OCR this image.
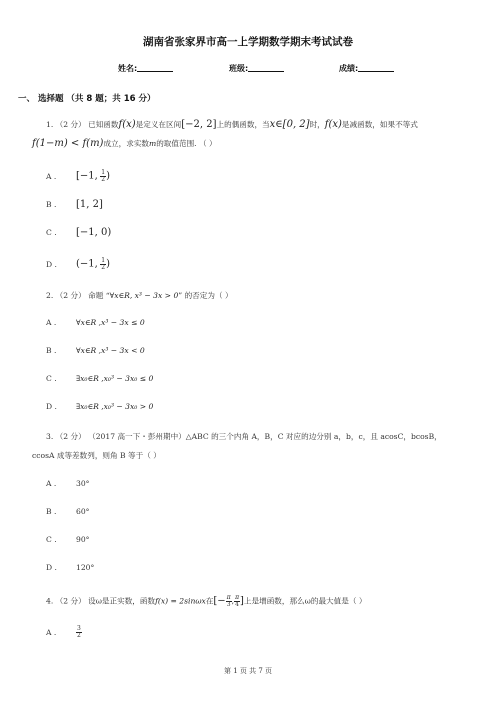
湖南省张家界市高一上学期数学期末考试试卷
姓名:	班级:	成绩:
一、 选择题 （共 8 题；共 16 分）
1. （2 分） 已知函数f(x)是定义在区间[−2, 2]上的偶函数，当x∈[0, 2]时，f(x)是减函数，如果不等式
f(1−m) < f(m)成立，求实数m的取值范围. （ ）
A . [−1, $\frac{1}{2}$ )
B . [1, 2]
C . [−1, 0)
D . (−1, $\frac{1}{2}$ )
2. （2 分） 命题 “∀x∈R, x³ − 3x > 0” 的否定为（ ）
A .	∀x∈R ,x³ − 3x ≤ 0
B .	∀x∈R ,x³ − 3x < 0
C .	∃x₀∈R ,x₀³ − 3x₀ ≤ 0
D .	∃x₀∈R ,x₀³ − 3x₀ > 0
3. （2 分） （2017 高一下・彭州期中）△ABC 的三个内角 A，B，C 对应的边分别 a，b，c，且 acosC，bcosB，
ccosA 成等差数列，则角 B 等于（ ）
A .	30°
B .	60°
C .	90°
D .	120°
4. （2 分） 设ω是正实数，函数f(x) = 2sinωx在[− $\frac{\pi}{3}$ , $\frac{\pi}{4}$ ]上是增函数，那么ω的最大值是（ ）
A .	$\frac{3}{2}$
第 1 页 共 7 页
